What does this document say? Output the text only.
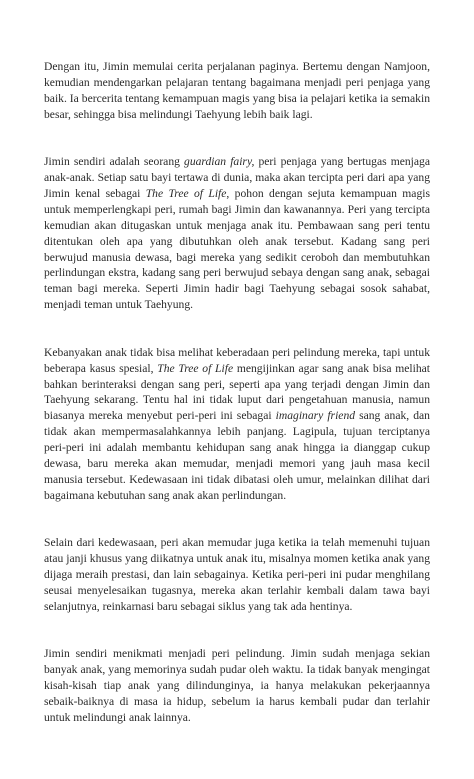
Dengan itu, Jimin memulai cerita perjalanan paginya. Bertemu dengan Namjoon, kemudian mendengarkan pelajaran tentang bagaimana menjadi peri penjaga yang baik. Ia bercerita tentang kemampuan magis yang bisa ia pelajari ketika ia semakin besar, sehingga bisa melindungi Taehyung lebih baik lagi.

Jimin sendiri adalah seorang guardian fairy, peri penjaga yang bertugas menjaga anak-anak. Setiap satu bayi tertawa di dunia, maka akan tercipta peri dari apa yang Jimin kenal sebagai The Tree of Life, pohon dengan sejuta kemampuan magis untuk memperlengkapi peri, rumah bagi Jimin dan kawanannya. Peri yang tercipta kemudian akan ditugaskan untuk menjaga anak itu. Pembawaan sang peri tentu ditentukan oleh apa yang dibutuhkan oleh anak tersebut. Kadang sang peri berwujud manusia dewasa, bagi mereka yang sedikit ceroboh dan membutuhkan perlindungan ekstra, kadang sang peri berwujud sebaya dengan sang anak, sebagai teman bagi mereka. Seperti Jimin hadir bagi Taehyung sebagai sosok sahabat, menjadi teman untuk Taehyung.

Kebanyakan anak tidak bisa melihat keberadaan peri pelindung mereka, tapi untuk beberapa kasus spesial, The Tree of Life mengijinkan agar sang anak bisa melihat bahkan berinteraksi dengan sang peri, seperti apa yang terjadi dengan Jimin dan Taehyung sekarang. Tentu hal ini tidak luput dari pengetahuan manusia, namun biasanya mereka menyebut peri-peri ini sebagai imaginary friend sang anak, dan tidak akan mempermasalahkannya lebih panjang. Lagipula, tujuan terciptanya peri-peri ini adalah membantu kehidupan sang anak hingga ia dianggap cukup dewasa, baru mereka akan memudar, menjadi memori yang jauh masa kecil manusia tersebut. Kedewasaan ini tidak dibatasi oleh umur, melainkan dilihat dari bagaimana kebutuhan sang anak akan perlindungan.

Selain dari kedewasaan, peri akan memudar juga ketika ia telah memenuhi tujuan atau janji khusus yang diikatnya untuk anak itu, misalnya momen ketika anak yang dijaga meraih prestasi, dan lain sebagainya. Ketika peri-peri ini pudar menghilang seusai menyelesaikan tugasnya, mereka akan terlahir kembali dalam tawa bayi selanjutnya, reinkarnasi baru sebagai siklus yang tak ada hentinya.

Jimin sendiri menikmati menjadi peri pelindung. Jimin sudah menjaga sekian banyak anak, yang memorinya sudah pudar oleh waktu. Ia tidak banyak mengingat kisah-kisah tiap anak yang dilindunginya, ia hanya melakukan pekerjaannya sebaik-baiknya di masa ia hidup, sebelum ia harus kembali pudar dan terlahir untuk melindungi anak lainnya.
